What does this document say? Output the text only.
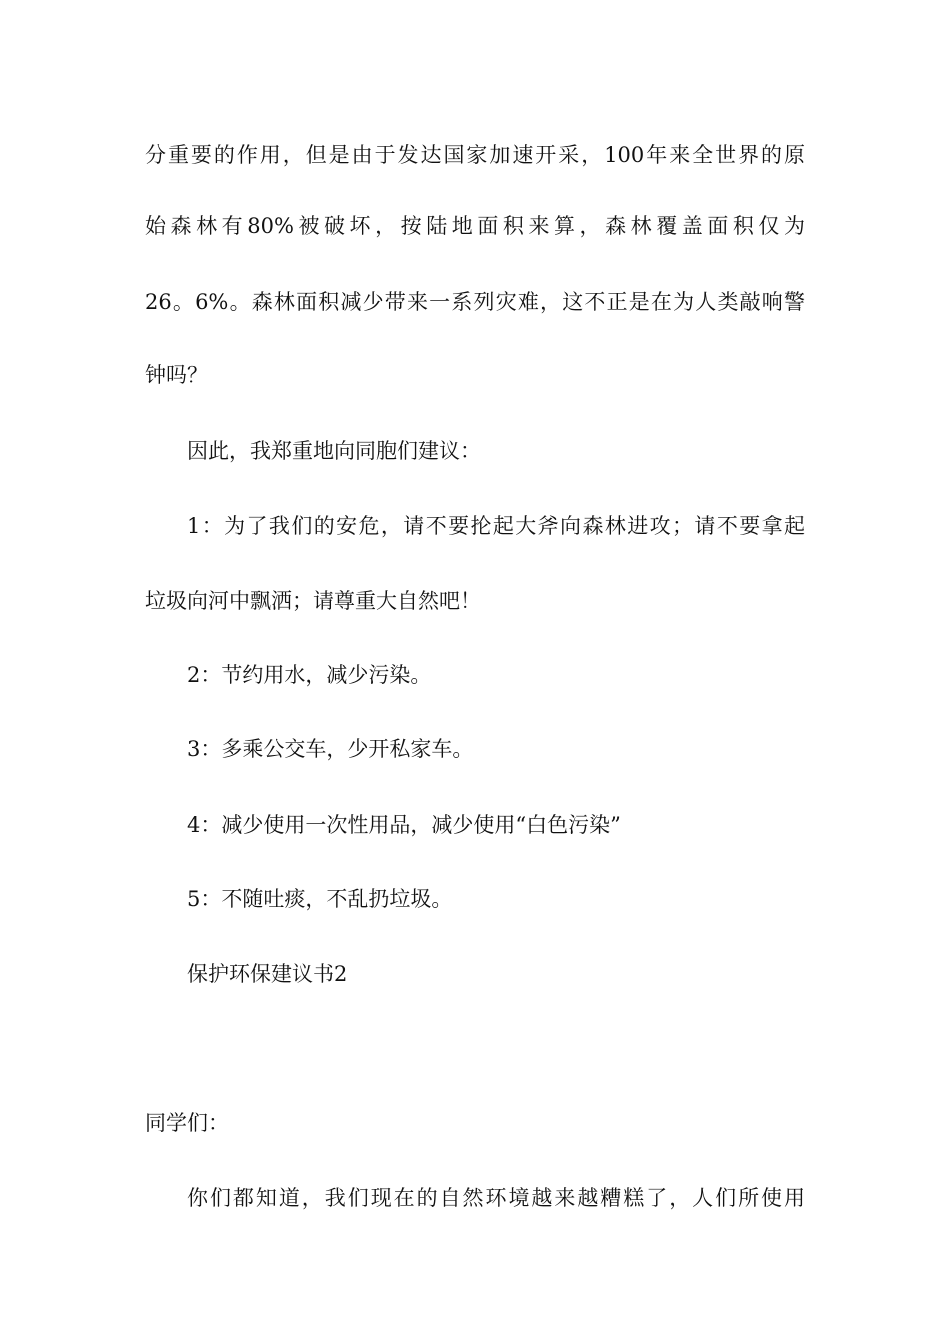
分重要的作用，但是由于发达国家加速开采，100年来全世界的原
始森林有80%被破坏，按陆地面积来算，森林覆盖面积仅为
26。6%。森林面积减少带来一系列灾难，这不正是在为人类敲响警
钟吗？
因此，我郑重地向同胞们建议：
1：为了我们的安危，请不要抡起大斧向森林进攻；请不要拿起
垃圾向河中飘洒；请尊重大自然吧！
2：节约用水，减少污染。
3：多乘公交车，少开私家车。
4：减少使用一次性用品，减少使用“白色污染”
5：不随吐痰，不乱扔垃圾。
保护环保建议书2
同学们：
你们都知道，我们现在的自然环境越来越糟糕了，人们所使用
